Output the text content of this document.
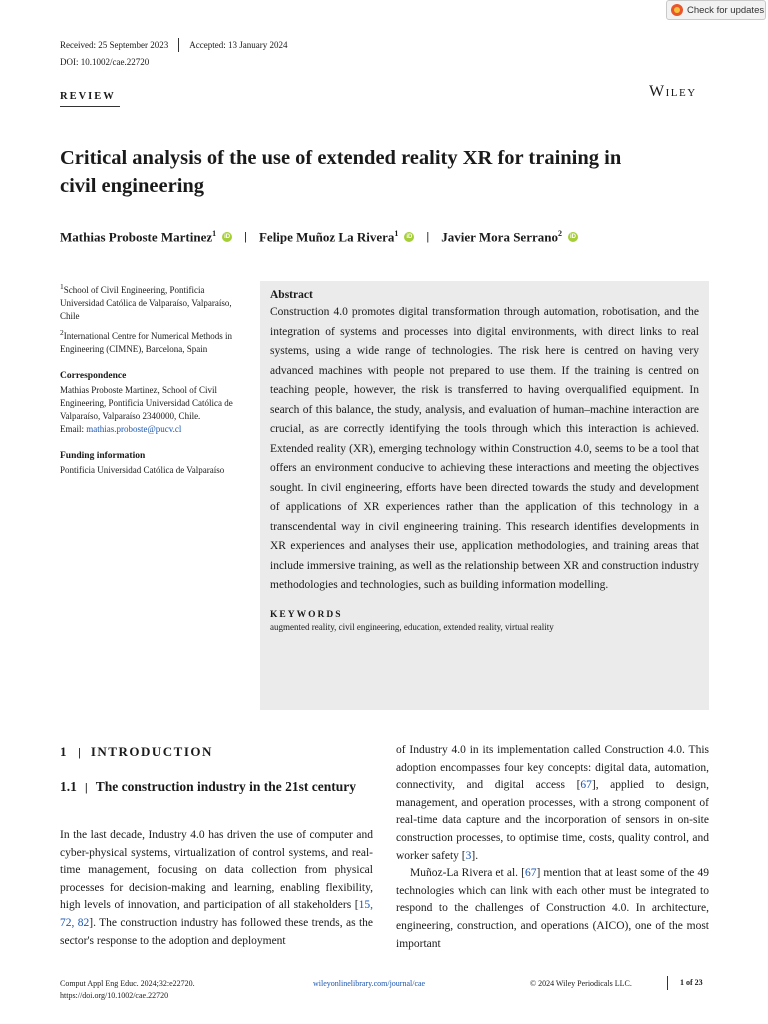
Check for updates
Received: 25 September 2023 Accepted: 13 January 2024
DOI: 10.1002/cae.22720
REVIEW	Wiley
Critical analysis of the use of extended reality XR for training in civil engineering
Mathias Proboste Martinez$^1$	iD | Felipe Muñoz La Rivera$^1$	iD | Javier Mora Serrano$^2$	iD

$^1$School of Civil Engineering, Pontificia Universidad Católica de Valparaíso, Valparaíso, Chile

$^2$International Centre for Numerical Methods in Engineering (CIMNE), Barcelona, Spain

Correspondence

Mathias Proboste Martinez, School of Civil Engineering, Pontificia Universidad Católica de Valparaíso, Valparaíso 2340000, Chile.

Email: mathias.proboste@pucv.cl

Funding information

Pontificia Universidad Católica de Valparaíso

Abstract

Construction 4.0 promotes digital transformation through automation, robotisation, and the integration of systems and processes into digital environments, with direct links to real systems, using a wide range of technologies. The risk here is centred on having very advanced machines with people not prepared to use them. If the training is centred on teaching people, however, the risk is transferred to having overqualified equipment. In search of this balance, the study, analysis, and evaluation of human–machine interaction are crucial, as are correctly identifying the tools through which this interaction is achieved. Extended reality (XR), emerging technology within Construction 4.0, seems to be a tool that offers an environment conducive to achieving these interactions and meeting the objectives sought. In civil engineering, efforts have been directed towards the study and development of applications of XR experiences rather than the application of this technology in a transcendental way in civil engineering training. This research identifies developments in XR experiences and analyses their use, application methodologies, and training areas that include immersive training, as well as the relationship between XR and construction industry methodologies and technologies, such as building information modelling.

KEYWORDS

augmented reality, civil engineering, education, extended reality, virtual reality

1 | INTRODUCTION
1.1 | The construction industry in the 21st century

In the last decade, Industry 4.0 has driven the use of computer and cyber-physical systems, virtualization of control systems, and real-time management, focusing on data collection from physical processes for decision-making and learning, enabling flexibility, high levels of innovation, and participation of all stakeholders [15, 72, 82]. The construction industry has followed these trends, as the sector's response to the adoption and deployment

of Industry 4.0 in its implementation called Construction 4.0. This adoption encompasses four key concepts: digital data, automation, connectivity, and digital access [67], applied to design, management, and operation processes, with a strong component of real-time data capture and the incorporation of sensors in on-site construction processes, to optimise time, costs, quality control, and worker safety [3].

Muñoz-La Rivera et al. [67] mention that at least some of the 49 technologies which can link with each other must be integrated to respond to the challenges of Construction 4.0. In architecture, engineering, construction, and operations (AICO), one of the most important

Comput Appl Eng Educ. 2024;32:e22720.
https://doi.org/10.1002/cae.22720
wileyonlinelibrary.com/journal/cae	© 2024 Wiley Periodicals LLC.	1 of 23
